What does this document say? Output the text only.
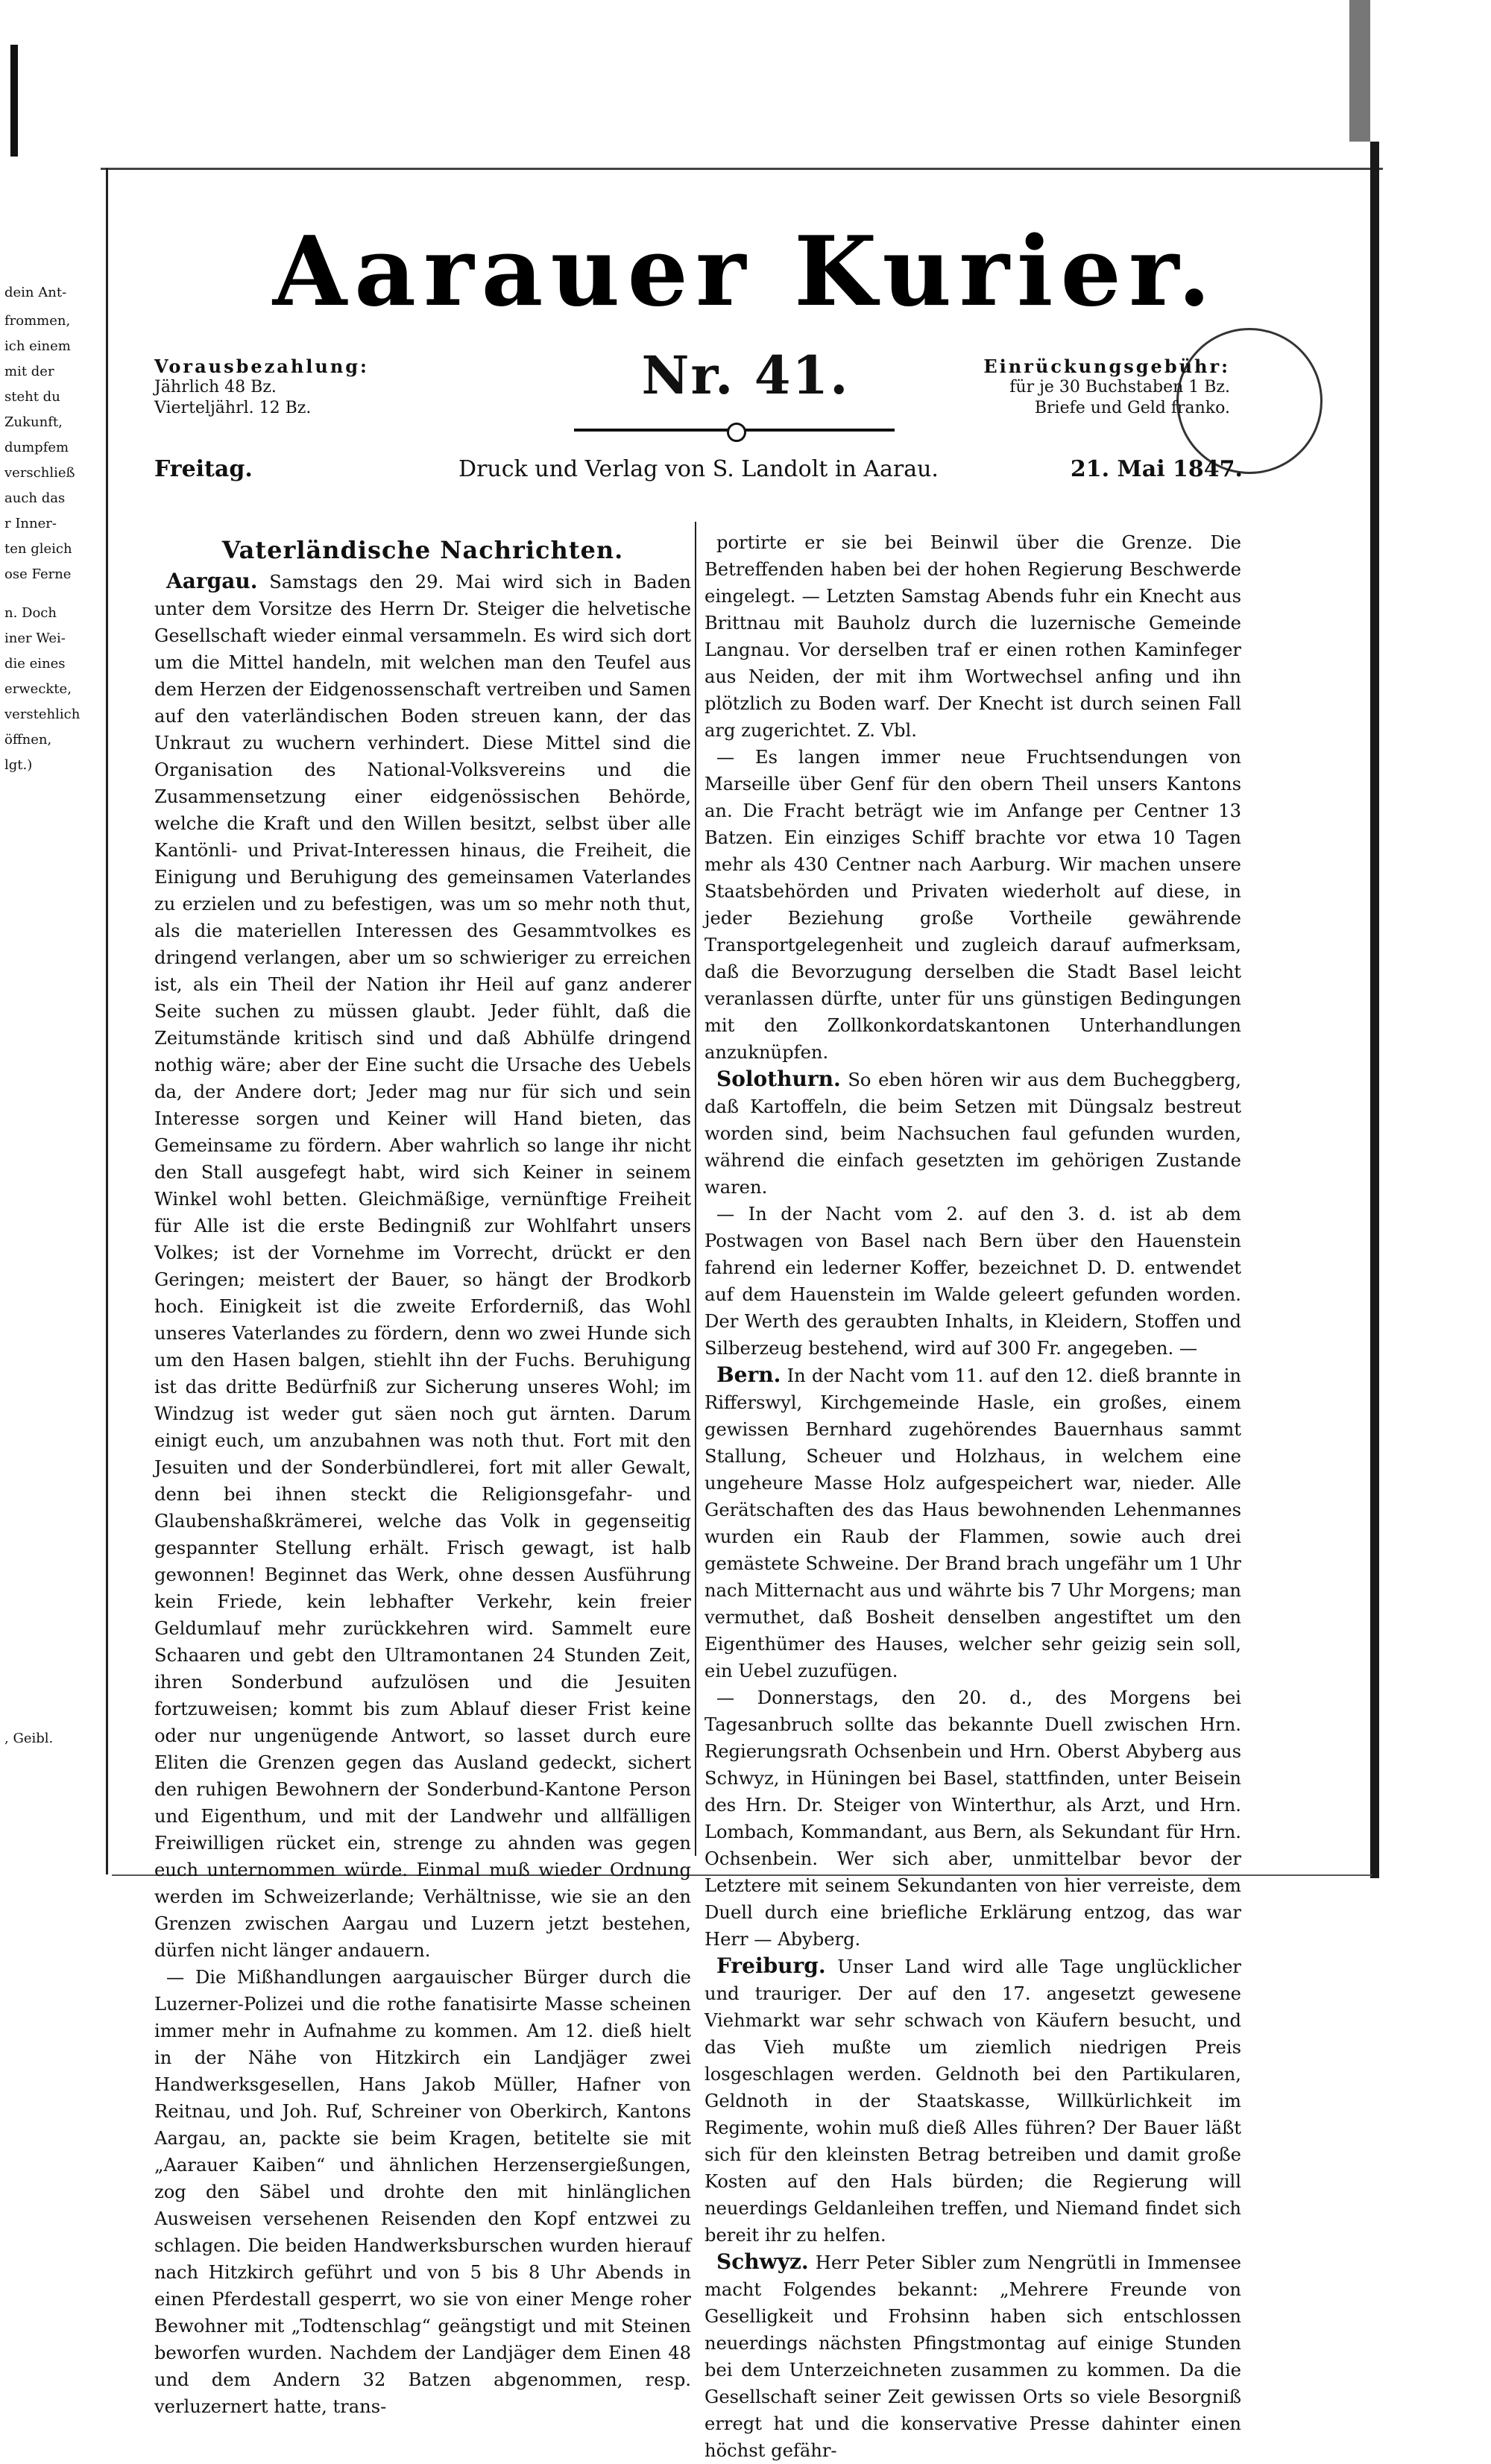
dein Ant-
frommen,
ich einem
mit der
steht du
Zukunft,
dumpfem
verschließ
auch das
r Inner-
ten gleich
ose Ferne
n. Doch
iner Wei-
die eines
erweckte,
verstehlich
öffnen,
lgt.)
, Geibl.
Aarauer Kurier.
Vorausbezahlung:
Jährlich 48 Bz.
Vierteljährl. 12 Bz.
Nr. 41.	Einrückungsgebühr:
für je 30 Buchstaben 1 Bz.
Briefe und Geld franko.
Druck und Verlag von S. Landolt in Aarau.
Freitag.	21. Mai 1847.
Vaterländische Nachrichten.

Aargau. Samstags den 29. Mai wird sich in Baden unter dem Vorsitze des Herrn Dr. Steiger die helvetische Gesellschaft wieder einmal versammeln. Es wird sich dort um die Mittel handeln, mit welchen man den Teufel aus dem Herzen der Eidgenossenschaft vertreiben und Samen auf den vaterländischen Boden streuen kann, der das Unkraut zu wuchern verhindert. Diese Mittel sind die Organisation des National-Volksvereins und die Zusammensetzung einer eidgenössischen Behörde, welche die Kraft und den Willen besitzt, selbst über alle Kantönli- und Privat-Interessen hinaus, die Freiheit, die Einigung und Beruhigung des gemeinsamen Vaterlandes zu erzielen und zu befestigen, was um so mehr noth thut, als die materiellen Interessen des Gesammtvolkes es dringend verlangen, aber um so schwieriger zu erreichen ist, als ein Theil der Nation ihr Heil auf ganz anderer Seite suchen zu müssen glaubt. Jeder fühlt, daß die Zeitumstände kritisch sind und daß Abhülfe dringend nothig wäre; aber der Eine sucht die Ursache des Uebels da, der Andere dort; Jeder mag nur für sich und sein Interesse sorgen und Keiner will Hand bieten, das Gemeinsame zu fördern. Aber wahrlich so lange ihr nicht den Stall ausgefegt habt, wird sich Keiner in seinem Winkel wohl betten. Gleichmäßige, vernünftige Freiheit für Alle ist die erste Bedingniß zur Wohlfahrt unsers Volkes; ist der Vornehme im Vorrecht, drückt er den Geringen; meistert der Bauer, so hängt der Brodkorb hoch. Einigkeit ist die zweite Erforderniß, das Wohl unseres Vaterlandes zu fördern, denn wo zwei Hunde sich um den Hasen balgen, stiehlt ihn der Fuchs. Beruhigung ist das dritte Bedürfniß zur Sicherung unseres Wohl; im Windzug ist weder gut säen noch gut ärnten. Darum einigt euch, um anzubahnen was noth thut. Fort mit den Jesuiten und der Sonderbündlerei, fort mit aller Gewalt, denn bei ihnen steckt die Religionsgefahr- und Glaubenshaßkrämerei, welche das Volk in gegenseitig gespannter Stellung erhält. Frisch gewagt, ist halb gewonnen! Beginnet das Werk, ohne dessen Ausführung kein Friede, kein lebhafter Verkehr, kein freier Geldumlauf mehr zurückkehren wird. Sammelt eure Schaaren und gebt den Ultramontanen 24 Stunden Zeit, ihren Sonderbund aufzulösen und die Jesuiten fortzuweisen; kommt bis zum Ablauf dieser Frist keine oder nur ungenügende Antwort, so lasset durch eure Eliten die Grenzen gegen das Ausland gedeckt, sichert den ruhigen Bewohnern der Sonderbund-Kantone Person und Eigenthum, und mit der Landwehr und allfälligen Freiwilligen rücket ein, strenge zu ahnden was gegen euch unternommen würde. Einmal muß wieder Ordnung werden im Schweizerlande; Verhältnisse, wie sie an den Grenzen zwischen Aargau und Luzern jetzt bestehen, dürfen nicht länger andauern.

— Die Mißhandlungen aargauischer Bürger durch die Luzerner-Polizei und die rothe fanatisirte Masse scheinen immer mehr in Aufnahme zu kommen. Am 12. dieß hielt in der Nähe von Hitzkirch ein Landjäger zwei Handwerksgesellen, Hans Jakob Müller, Hafner von Reitnau, und Joh. Ruf, Schreiner von Oberkirch, Kantons Aargau, an, packte sie beim Kragen, betitelte sie mit „Aarauer Kaiben“ und ähnlichen Herzensergießungen, zog den Säbel und drohte den mit hinlänglichen Ausweisen versehenen Reisenden den Kopf entzwei zu schlagen. Die beiden Handwerksburschen wurden hierauf nach Hitzkirch geführt und von 5 bis 8 Uhr Abends in einen Pferdestall gesperrt, wo sie von einer Menge roher Bewohner mit „Todtenschlag“ geängstigt und mit Steinen beworfen wurden. Nachdem der Landjäger dem Einen 48 und dem Andern 32 Batzen abgenommen, resp. verluzernert hatte, trans-

portirte er sie bei Beinwil über die Grenze. Die Betreffenden haben bei der hohen Regierung Beschwerde eingelegt. — Letzten Samstag Abends fuhr ein Knecht aus Brittnau mit Bauholz durch die luzernische Gemeinde Langnau. Vor derselben traf er einen rothen Kaminfeger aus Neiden, der mit ihm Wortwechsel anfing und ihn plötzlich zu Boden warf. Der Knecht ist durch seinen Fall arg zugerichtet. Z. Vbl.

— Es langen immer neue Fruchtsendungen von Marseille über Genf für den obern Theil unsers Kantons an. Die Fracht beträgt wie im Anfange per Centner 13 Batzen. Ein einziges Schiff brachte vor etwa 10 Tagen mehr als 430 Centner nach Aarburg. Wir machen unsere Staatsbehörden und Privaten wiederholt auf diese, in jeder Beziehung große Vortheile gewährende Transportgelegenheit und zugleich darauf aufmerksam, daß die Bevorzugung derselben die Stadt Basel leicht veranlassen dürfte, unter für uns günstigen Bedingungen mit den Zollkonkordatskantonen Unterhandlungen anzuknüpfen.

Solothurn. So eben hören wir aus dem Bucheggberg, daß Kartoffeln, die beim Setzen mit Düngsalz bestreut worden sind, beim Nachsuchen faul gefunden wurden, während die einfach gesetzten im gehörigen Zustande waren.

— In der Nacht vom 2. auf den 3. d. ist ab dem Postwagen von Basel nach Bern über den Hauenstein fahrend ein lederner Koffer, bezeichnet D. D. entwendet auf dem Hauenstein im Walde geleert gefunden worden. Der Werth des geraubten Inhalts, in Kleidern, Stoffen und Silberzeug bestehend, wird auf 300 Fr. angegeben. —

Bern. In der Nacht vom 11. auf den 12. dieß brannte in Rifferswyl, Kirchgemeinde Hasle, ein großes, einem gewissen Bernhard zugehörendes Bauernhaus sammt Stallung, Scheuer und Holzhaus, in welchem eine ungeheure Masse Holz aufgespeichert war, nieder. Alle Gerätschaften des das Haus bewohnenden Lehenmannes wurden ein Raub der Flammen, sowie auch drei gemästete Schweine. Der Brand brach ungefähr um 1 Uhr nach Mitternacht aus und währte bis 7 Uhr Morgens; man vermuthet, daß Bosheit denselben angestiftet um den Eigenthümer des Hauses, welcher sehr geizig sein soll, ein Uebel zuzufügen.

— Donnerstags, den 20. d., des Morgens bei Tagesanbruch sollte das bekannte Duell zwischen Hrn. Regierungsrath Ochsenbein und Hrn. Oberst Abyberg aus Schwyz, in Hüningen bei Basel, stattfinden, unter Beisein des Hrn. Dr. Steiger von Winterthur, als Arzt, und Hrn. Lombach, Kommandant, aus Bern, als Sekundant für Hrn. Ochsenbein. Wer sich aber, unmittelbar bevor der Letztere mit seinem Sekundanten von hier verreiste, dem Duell durch eine briefliche Erklärung entzog, das war Herr — Abyberg.

Freiburg. Unser Land wird alle Tage unglücklicher und trauriger. Der auf den 17. angesetzt gewesene Viehmarkt war sehr schwach von Käufern besucht, und das Vieh mußte um ziemlich niedrigen Preis losgeschlagen werden. Geldnoth bei den Partikularen, Geldnoth in der Staatskasse, Willkürlichkeit im Regimente, wohin muß dieß Alles führen? Der Bauer läßt sich für den kleinsten Betrag betreiben und damit große Kosten auf den Hals bürden; die Regierung will neuerdings Geldanleihen treffen, und Niemand findet sich bereit ihr zu helfen.

Schwyz. Herr Peter Sibler zum Nengrütli in Immensee macht Folgendes bekannt: „Mehrere Freunde von Geselligkeit und Frohsinn haben sich entschlossen neuerdings nächsten Pfingstmontag auf einige Stunden bei dem Unterzeichneten zusammen zu kommen. Da die Gesellschaft seiner Zeit gewissen Orts so viele Besorgniß erregt hat und die konservative Presse dahinter einen höchst gefähr-
